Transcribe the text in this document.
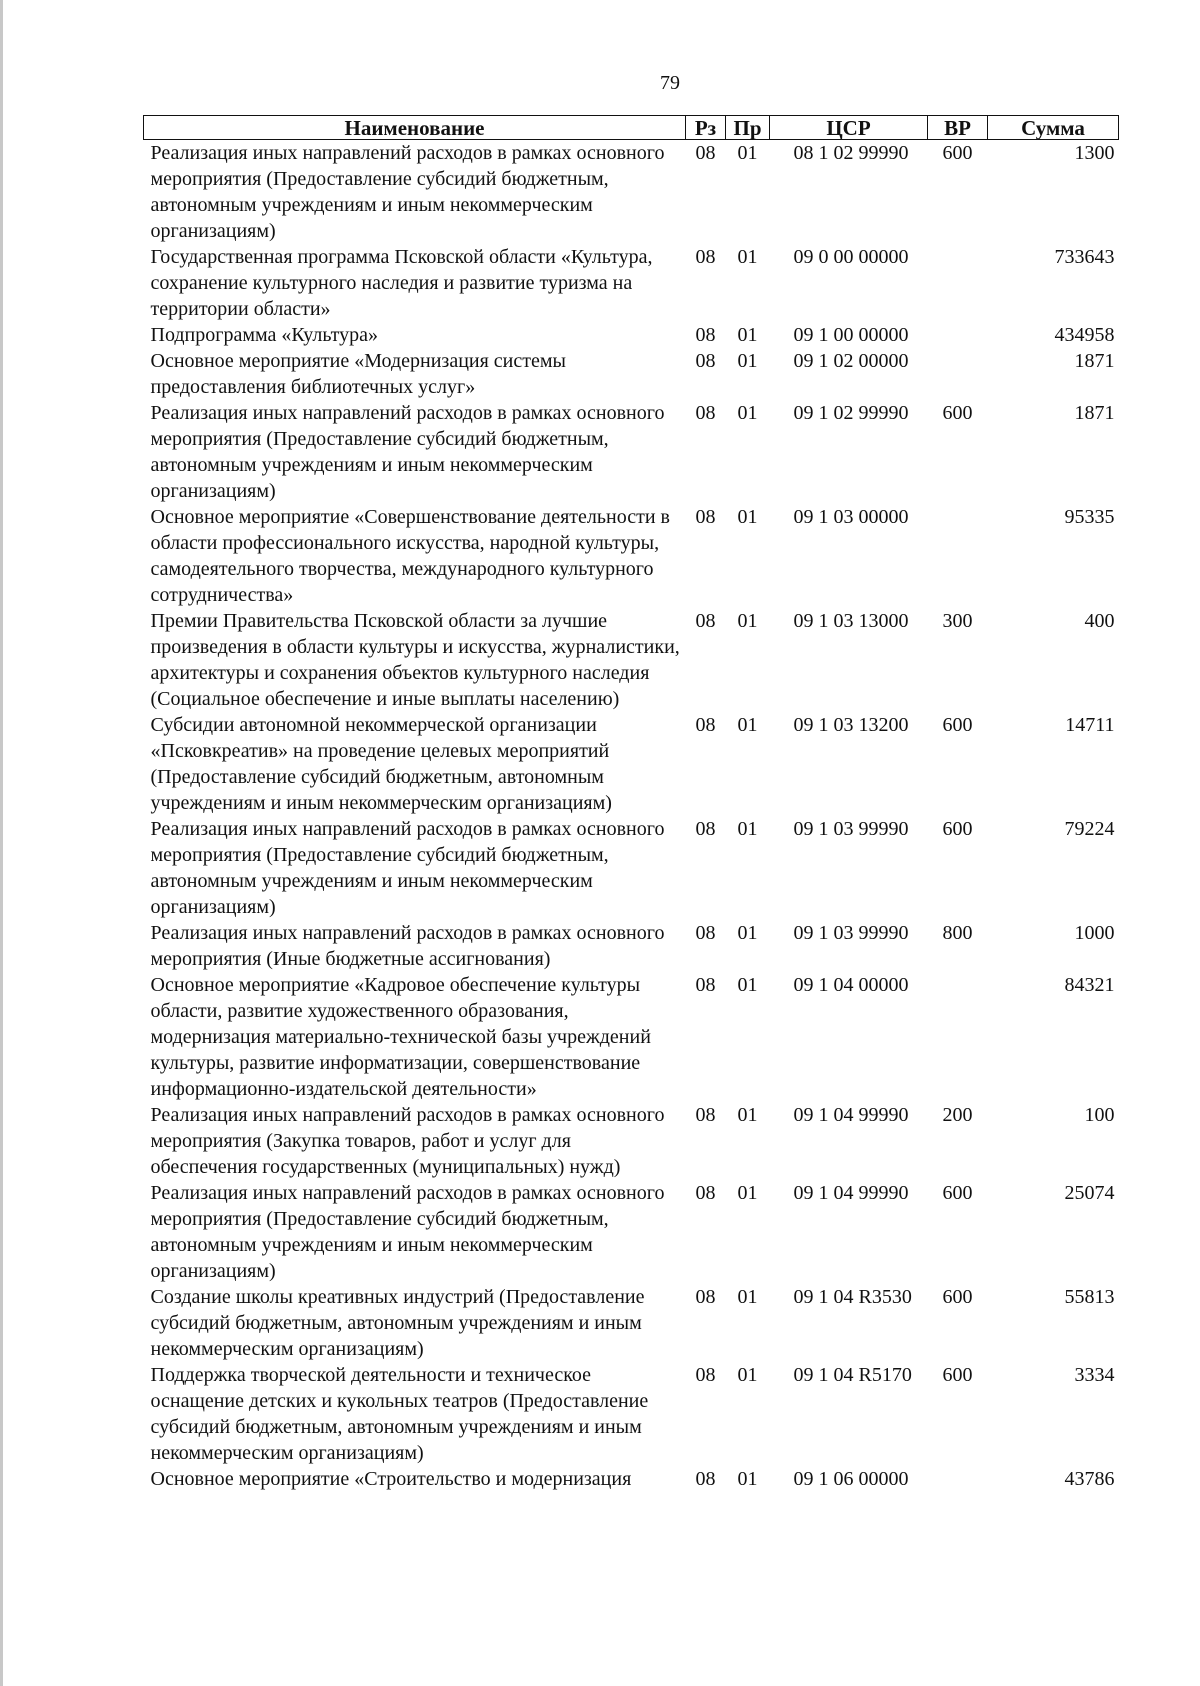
79
Наименование	Рз	Пр	ЦСР	ВР	Сумма
Реализация иных направлений расходов в рамках основного мероприятия (Предоставление субсидий бюджетным, автономным учреждениям и иным некоммерческим организациям)	08	01	08 1 02 99990	600	1300
Государственная программа Псковской области «Культура, сохранение культурного наследия и развитие туризма на территории области»	08	01	09 0 00 00000		733643
Подпрограмма «Культура»	08	01	09 1 00 00000		434958
Основное мероприятие «Модернизация системы предоставления библиотечных услуг»	08	01	09 1 02 00000		1871
Реализация иных направлений расходов в рамках основного мероприятия (Предоставление субсидий бюджетным, автономным учреждениям и иным некоммерческим организациям)	08	01	09 1 02 99990	600	1871
Основное мероприятие «Совершенствование деятельности в области профессионального искусства, народной культуры, самодеятельного творчества, международного культурного сотрудничества»	08	01	09 1 03 00000		95335
Премии Правительства Псковской области за лучшие произведения в области культуры и искусства, журналистики, архитектуры и сохранения объектов культурного наследия (Социальное обеспечение и иные выплаты населению)	08	01	09 1 03 13000	300	400
Субсидии автономной некоммерческой организации «Псковкреатив» на проведение целевых мероприятий (Предоставление субсидий бюджетным, автономным учреждениям и иным некоммерческим организациям)	08	01	09 1 03 13200	600	14711
Реализация иных направлений расходов в рамках основного мероприятия (Предоставление субсидий бюджетным, автономным учреждениям и иным некоммерческим организациям)	08	01	09 1 03 99990	600	79224
Реализация иных направлений расходов в рамках основного мероприятия (Иные бюджетные ассигнования)	08	01	09 1 03 99990	800	1000
Основное мероприятие «Кадровое обеспечение культуры области, развитие художественного образования, модернизация материально-технической базы учреждений культуры, развитие информатизации, совершенствование информационно-издательской деятельности»	08	01	09 1 04 00000		84321
Реализация иных направлений расходов в рамках основного мероприятия (Закупка товаров, работ и услуг для обеспечения государственных (муниципальных) нужд)	08	01	09 1 04 99990	200	100
Реализация иных направлений расходов в рамках основного мероприятия (Предоставление субсидий бюджетным, автономным учреждениям и иным некоммерческим организациям)	08	01	09 1 04 99990	600	25074
Создание школы креативных индустрий (Предоставление субсидий бюджетным, автономным учреждениям и иным некоммерческим организациям)	08	01	09 1 04 R3530	600	55813
Поддержка творческой деятельности и техническое оснащение детских и кукольных театров (Предоставление субсидий бюджетным, автономным учреждениям и иным некоммерческим организациям)	08	01	09 1 04 R5170	600	3334
Основное мероприятие «Строительство и модернизация	08	01	09 1 06 00000		43786
